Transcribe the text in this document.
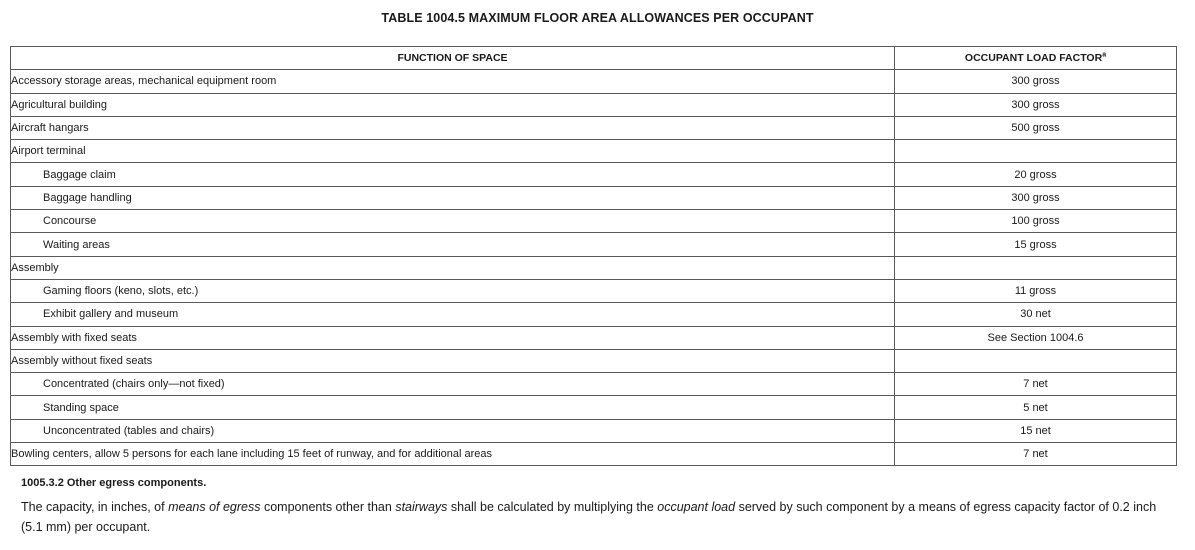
TABLE 1004.5 MAXIMUM FLOOR AREA ALLOWANCES PER OCCUPANT
FUNCTION OF SPACE	OCCUPANT LOAD FACTOR$^a$
Accessory storage areas, mechanical equipment room	300 gross
Agricultural building	300 gross
Aircraft hangars	500 gross
Airport terminal	
Baggage claim	20 gross
Baggage handling	300 gross
Concourse	100 gross
Waiting areas	15 gross
Assembly	
Gaming floors (keno, slots, etc.)	11 gross
Exhibit gallery and museum	30 net
Assembly with fixed seats	See Section 1004.6
Assembly without fixed seats	
Concentrated (chairs only—not fixed)	7 net
Standing space	5 net
Unconcentrated (tables and chairs)	15 net
Bowling centers, allow 5 persons for each lane including 15 feet of runway, and for additional areas	7 net
1005.3.2 Other egress components.
The capacity, in inches, of means of egress components other than stairways shall be calculated by multiplying the occupant load served by such component by a means of egress capacity factor of 0.2 inch (5.1 mm) per occupant.
